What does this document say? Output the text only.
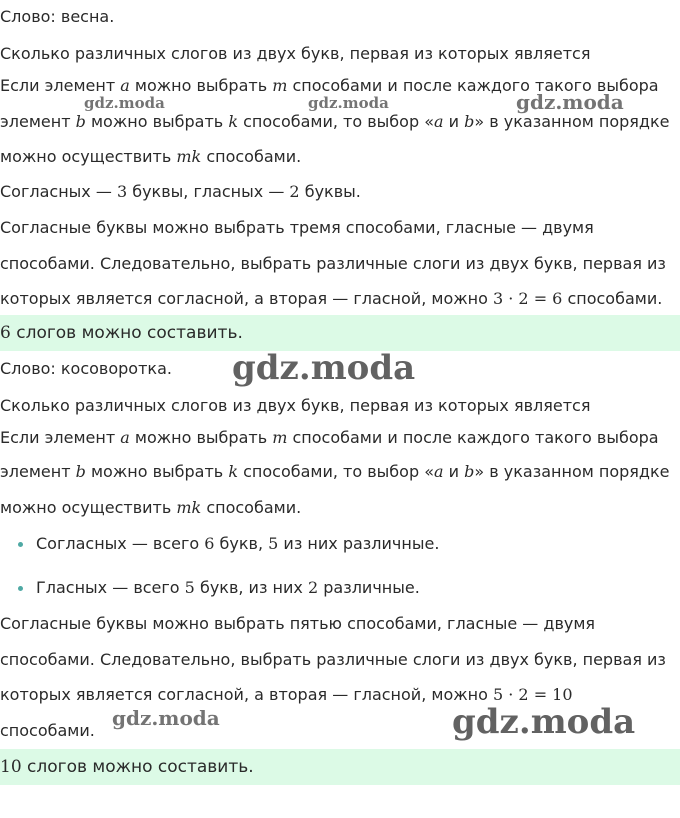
Слово: весна.
Сколько различных слогов из двух букв, первая из которых является
Если элемент a можно выбрать m способами и после каждого такого выбора
элемент b можно выбрать k способами, то выбор «a и b» в указанном порядке
можно осуществить mk способами.
Согласных — 3 буквы, гласных — 2 буквы.
Согласные буквы можно выбрать тремя способами, гласные — двумя
способами. Следовательно, выбрать различные слоги из двух букв, первая из
которых является согласной, а вторая — гласной, можно 3 · 2 = 6 способами.
6 слогов можно составить.
Слово: косоворотка.
Сколько различных слогов из двух букв, первая из которых является
Если элемент a можно выбрать m способами и после каждого такого выбора
элемент b можно выбрать k способами, то выбор «a и b» в указанном порядке
можно осуществить mk способами.
Согласных — всего 6 букв, 5 из них различные.
Гласных — всего 5 букв, из них 2 различные.
Согласные буквы можно выбрать пятью способами, гласные — двумя
способами. Следовательно, выбрать различные слоги из двух букв, первая из
которых является согласной, а вторая — гласной, можно 5 · 2 = 10
способами.
10 слогов можно составить.
gdz.moda	gdz.moda	gdz.moda
gdz.moda
gdz.moda	gdz.moda
